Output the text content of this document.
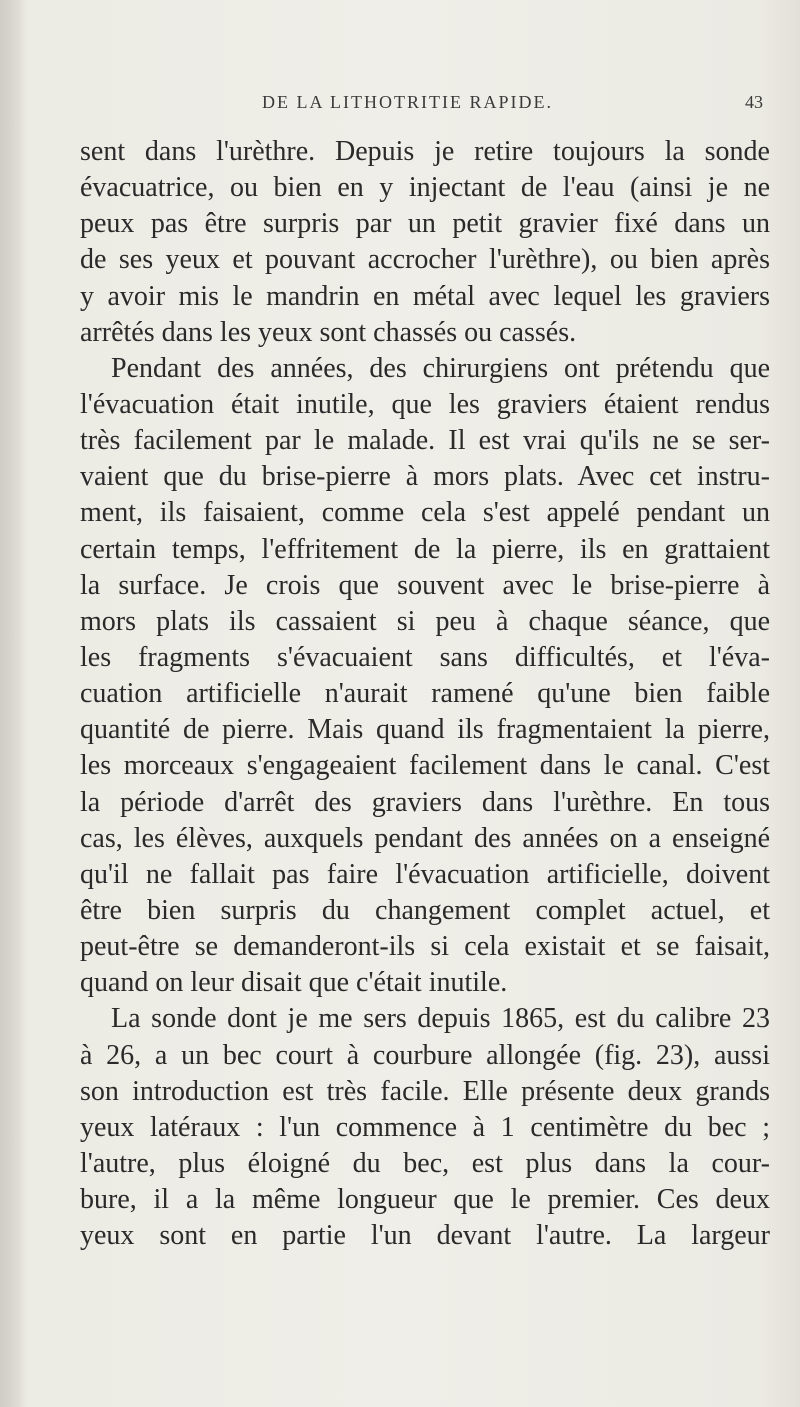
DE LA LITHOTRITIE RAPIDE.	43
sent dans l'urèthre. Depuis je retire toujours la sonde
évacuatrice, ou bien en y injectant de l'eau (ainsi je ne
peux pas être surpris par un petit gravier fixé dans un
de ses yeux et pouvant accrocher l'urèthre), ou bien après
y avoir mis le mandrin en métal avec lequel les graviers
arrêtés dans les yeux sont chassés ou cassés.
Pendant des années, des chirurgiens ont prétendu que
l'évacuation était inutile, que les graviers étaient rendus
très facilement par le malade. Il est vrai qu'ils ne se ser-
vaient que du brise-pierre à mors plats. Avec cet instru-
ment, ils faisaient, comme cela s'est appelé pendant un
certain temps, l'effritement de la pierre, ils en grattaient
la surface. Je crois que souvent avec le brise-pierre à
mors plats ils cassaient si peu à chaque séance, que
les fragments s'évacuaient sans difficultés, et l'éva-
cuation artificielle n'aurait ramené qu'une bien faible
quantité de pierre. Mais quand ils fragmentaient la pierre,
les morceaux s'engageaient facilement dans le canal. C'est
la période d'arrêt des graviers dans l'urèthre. En tous
cas, les élèves, auxquels pendant des années on a enseigné
qu'il ne fallait pas faire l'évacuation artificielle, doivent
être bien surpris du changement complet actuel, et
peut-être se demanderont-ils si cela existait et se faisait,
quand on leur disait que c'était inutile.
La sonde dont je me sers depuis 1865, est du calibre 23
à 26, a un bec court à courbure allongée (fig. 23), aussi
son introduction est très facile. Elle présente deux grands
yeux latéraux : l'un commence à 1 centimètre du bec ;
l'autre, plus éloigné du bec, est plus dans la cour-
bure, il a la même longueur que le premier. Ces deux
yeux sont en partie l'un devant l'autre. La largeur
